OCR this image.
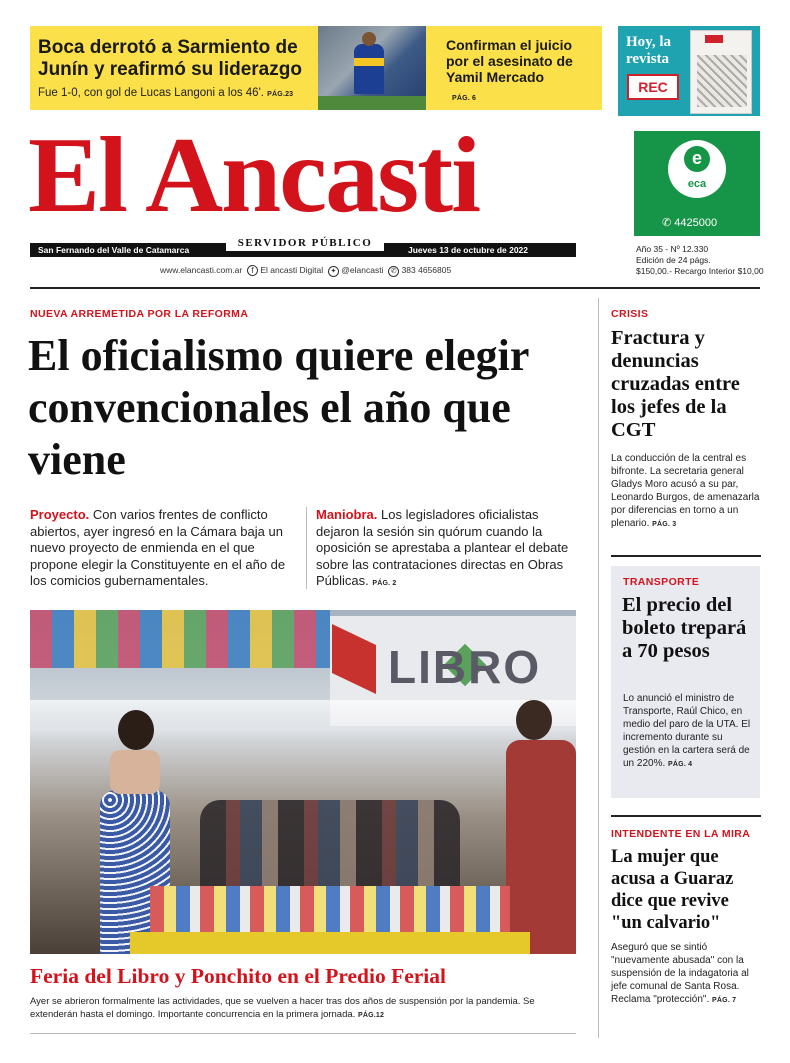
Boca derrotó a Sarmiento de Junín y reafirmó su liderazgo
Fue 1-0, con gol de Lucas Langoni a los 46'. PÁG.23
Confirman el juicio por el asesinato de Yamil Mercado
PÁG. 6
Hoy, la revista
REC
El Ancasti
San Fernando del Valle de Catamarca
SERVIDOR PÚBLICO
Jueves 13 de octubre de 2022
www.elancasti.com.ar f El ancasti Digital ✦ @elancasti ✆ 383 4656805
e
eca
✆ 4425000
Año 35 - Nº 12.330
Edición de 24 págs.
$150,00.- Recargo Interior $10,00
NUEVA ARREMETIDA POR LA REFORMA
El oficialismo quiere elegir convencionales el año que viene
Proyecto. Con varios frentes de conflicto abiertos, ayer ingresó en la Cámara baja un nuevo proyecto de enmienda en el que propone elegir la Constituyente en el año de los comicios gubernamentales.
Maniobra. Los legisladores oficialistas dejaron la sesión sin quórum cuando la oposición se aprestaba a plantear el debate sobre las contrataciones directas en Obras Públicas. PÁG. 2
LIBRO
Feria del Libro y Ponchito en el Predio Ferial
Ayer se abrieron formalmente las actividades, que se vuelven a hacer tras dos años de suspensión por la pandemia. Se extenderán hasta el domingo. Importante concurrencia en la primera jornada. PÁG.12
CRISIS
Fractura y denuncias cruzadas entre los jefes de la CGT
La conducción de la central es bifronte. La secretaria general Gladys Moro acusó a su par, Leonardo Burgos, de amenazarla por diferencias en torno a un plenario. PÁG. 3
TRANSPORTE
El precio del boleto trepará a 70 pesos
Lo anunció el ministro de Transporte, Raúl Chico, en medio del paro de la UTA. El incremento durante su gestión en la cartera será de un 220%. PÁG. 4
INTENDENTE EN LA MIRA
La mujer que acusa a Guaraz dice que revive "un calvario"
Aseguró que se sintió "nuevamente abusada" con la suspensión de la indagatoria al jefe comunal de Santa Rosa. Reclama "protección". PÁG. 7
